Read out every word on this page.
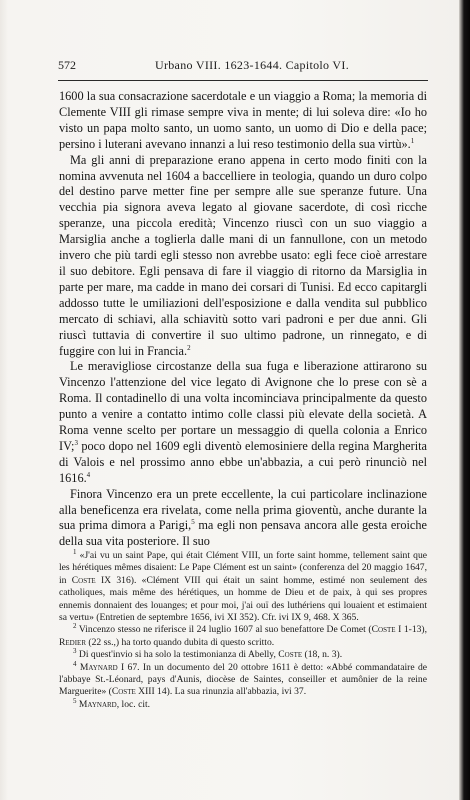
572	Urbano VIII. 1623-1644. Capitolo VI.

1600 la sua consacrazione sacerdotale e un viaggio a Roma; la memoria di Clemente VIII gli rimase sempre viva in mente; di lui soleva dire: «Io ho visto un papa molto santo, un uomo santo, un uomo di Dio e della pace; persino i luterani avevano innanzi a lui reso testimonio della sua virtù».$^1$

Ma gli anni di preparazione erano appena in certo modo finiti con la nomina avvenuta nel 1604 a baccelliere in teologia, quando un duro colpo del destino parve metter fine per sempre alle sue speranze future. Una vecchia pia signora aveva legato al giovane sacerdote, di così ricche speranze, una piccola eredità; Vincenzo riuscì con un suo viaggio a Marsiglia anche a toglierla dalle mani di un fannullone, con un metodo invero che più tardi egli stesso non avrebbe usato: egli fece cioè arrestare il suo debitore. Egli pensava di fare il viaggio di ritorno da Marsiglia in parte per mare, ma cadde in mano dei corsari di Tunisi. Ed ecco capitargli addosso tutte le umiliazioni dell'esposizione e dalla vendita sul pubblico mercato di schiavi, alla schiavitù sotto vari padroni e per due anni. Gli riuscì tuttavia di convertire il suo ultimo padrone, un rinnegato, e di fuggire con lui in Francia.$^2$

Le meravigliose circostanze della sua fuga e liberazione attirarono su Vincenzo l'attenzione del vice legato di Avignone che lo prese con sè a Roma. Il contadinello di una volta incominciava principalmente da questo punto a venire a contatto intimo colle classi più elevate della società. A Roma venne scelto per portare un messaggio di quella colonia a Enrico IV;$^3$ poco dopo nel 1609 egli diventò elemosiniere della regina Margherita di Valois e nel prossimo anno ebbe un'abbazia, a cui però rinunciò nel 1616.$^4$

Finora Vincenzo era un prete eccellente, la cui particolare inclinazione alla beneficenza era rivelata, come nella prima gioventù, anche durante la sua prima dimora a Parigi,$^5$ ma egli non pensava ancora alle gesta eroiche della sua vita posteriore. Il suo

$^1$ «J'ai vu un saint Pape, qui était Clément VIII, un forte saint homme, tellement saint que les hérétiques mêmes disaient: Le Pape Clément est un saint» (conferenza del 20 maggio 1647, in Coste IX 316). «Clément VIII qui était un saint homme, estimé non seulement des catholiques, mais même des hérétiques, un homme de Dieu et de paix, à qui ses propres ennemis donnaient des louanges; et pour moi, j'ai ouï des luthériens qui louaient et estimaient sa vertu» (Entretien de septembre 1656, ivi XI 352). Cfr. ivi IX 9, 468. X 365.

$^2$ Vincenzo stesso ne riferisce il 24 luglio 1607 al suo benefattore De Comet (Coste I 1-13), Redier (22 ss.,) ha torto quando dubita di questo scritto.

$^3$ Di quest'invio si ha solo la testimonianza di Abelly, Coste (18, n. 3).

$^4$ Maynard I 67. In un documento del 20 ottobre 1611 è detto: «Abbé commandataire de l'abbaye St.-Léonard, pays d'Aunis, diocèse de Saintes, conseiller et aumônier de la reine Marguerite» (Coste XIII 14). La sua rinunzia all'abbazia, ivi 37.

$^5$ Maynard, loc. cit.
